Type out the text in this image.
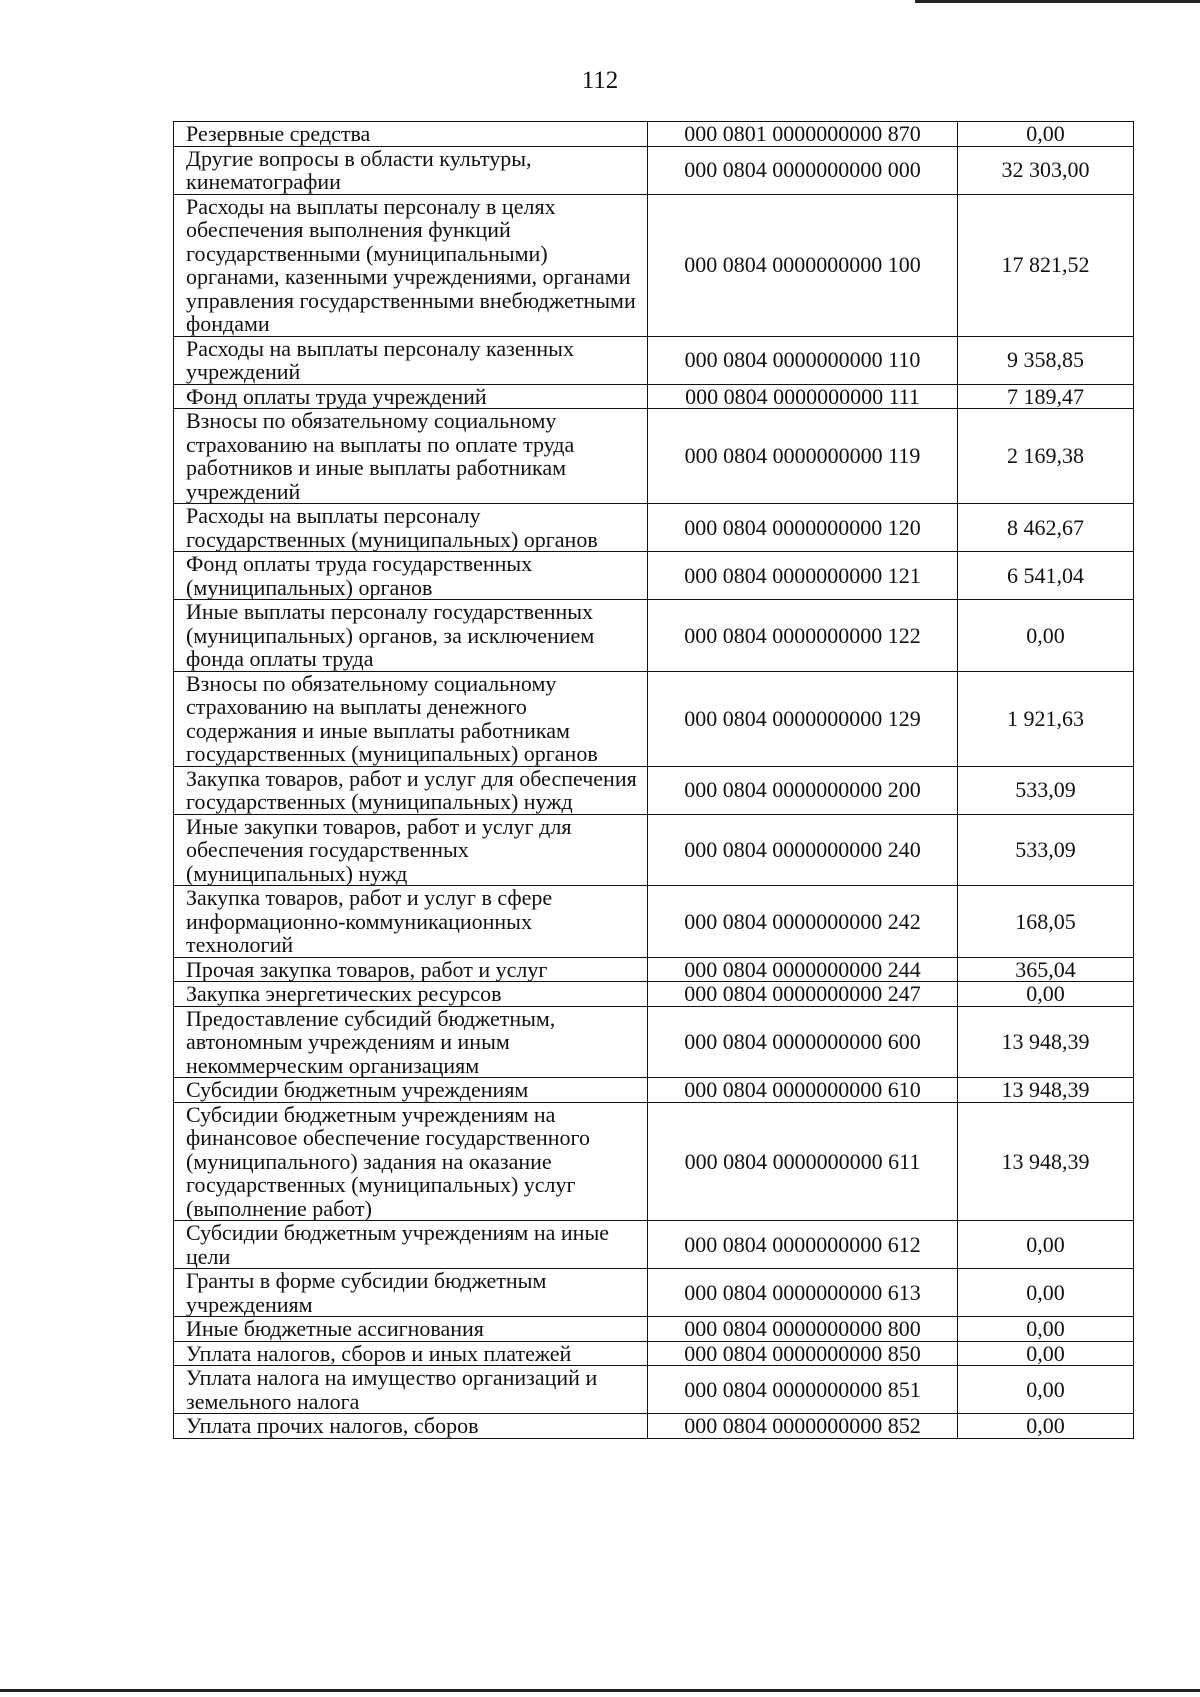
112
Резервные средства	000 0801 0000000000 870	0,00
Другие вопросы в области культуры, кинематографии	000 0804 0000000000 000	32 303,00
Расходы на выплаты персоналу в целях обеспечения выполнения функций государственными (муниципальными) органами, казенными учреждениями, органами управления государственными внебюджетными фондами	000 0804 0000000000 100	17 821,52
Расходы на выплаты персоналу казенных учреждений	000 0804 0000000000 110	9 358,85
Фонд оплаты труда учреждений	000 0804 0000000000 111	7 189,47
Взносы по обязательному социальному страхованию на выплаты по оплате труда работников и иные выплаты работникам учреждений	000 0804 0000000000 119	2 169,38
Расходы на выплаты персоналу государственных (муниципальных) органов	000 0804 0000000000 120	8 462,67
Фонд оплаты труда государственных (муниципальных) органов	000 0804 0000000000 121	6 541,04
Иные выплаты персоналу государственных (муниципальных) органов, за исключением фонда оплаты труда	000 0804 0000000000 122	0,00
Взносы по обязательному социальному страхованию на выплаты денежного содержания и иные выплаты работникам государственных (муниципальных) органов	000 0804 0000000000 129	1 921,63
Закупка товаров, работ и услуг для обеспечения государственных (муниципальных) нужд	000 0804 0000000000 200	533,09
Иные закупки товаров, работ и услуг для обеспечения государственных (муниципальных) нужд	000 0804 0000000000 240	533,09
Закупка товаров, работ и услуг в сфере информационно-коммуникационных технологий	000 0804 0000000000 242	168,05
Прочая закупка товаров, работ и услуг	000 0804 0000000000 244	365,04
Закупка энергетических ресурсов	000 0804 0000000000 247	0,00
Предоставление субсидий бюджетным, автономным учреждениям и иным некоммерческим организациям	000 0804 0000000000 600	13 948,39
Субсидии бюджетным учреждениям	000 0804 0000000000 610	13 948,39
Субсидии бюджетным учреждениям на финансовое обеспечение государственного (муниципального) задания на оказание государственных (муниципальных) услуг (выполнение работ)	000 0804 0000000000 611	13 948,39
Субсидии бюджетным учреждениям на иные цели	000 0804 0000000000 612	0,00
Гранты в форме субсидии бюджетным учреждениям	000 0804 0000000000 613	0,00
Иные бюджетные ассигнования	000 0804 0000000000 800	0,00
Уплата налогов, сборов и иных платежей	000 0804 0000000000 850	0,00
Уплата налога на имущество организаций и земельного налога	000 0804 0000000000 851	0,00
Уплата прочих налогов, сборов	000 0804 0000000000 852	0,00
